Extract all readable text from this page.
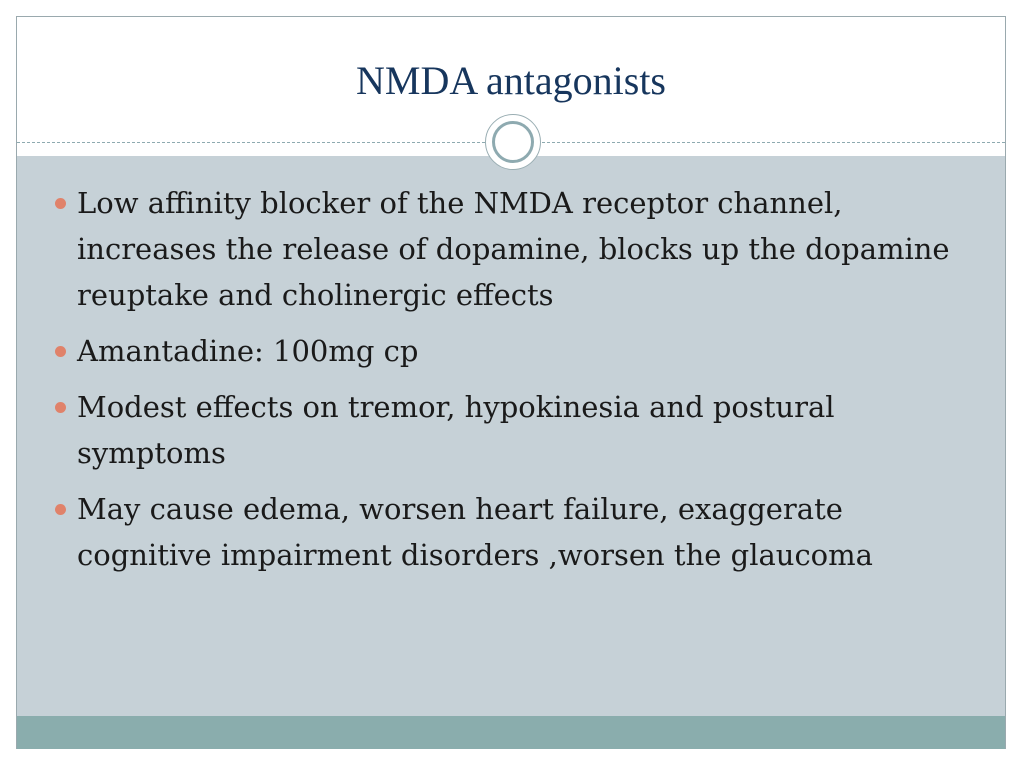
NMDA antagonists
Low affinity blocker of the NMDA receptor channel, increases the release of dopamine, blocks up the dopamine reuptake and cholinergic effects
Amantadine: 100mg cp
Modest effects on tremor, hypokinesia and postural symptoms
May cause edema, worsen heart failure, exaggerate cognitive impairment disorders ,worsen the glaucoma
